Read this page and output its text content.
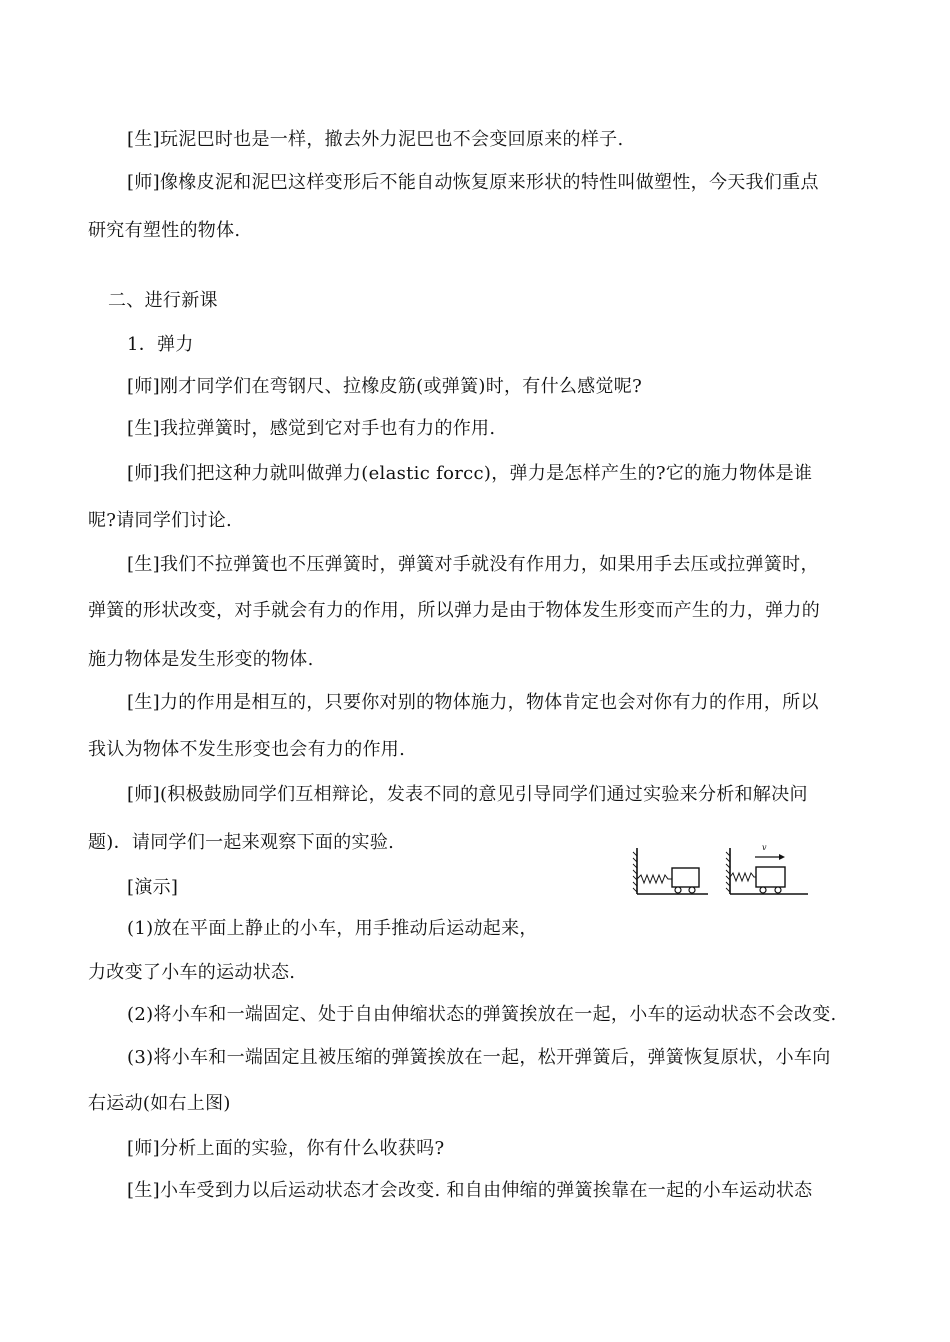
[生]玩泥巴时也是一样，撤去外力泥巴也不会变回原来的样子.
[师]像橡皮泥和泥巴这样变形后不能自动恢复原来形状的特性叫做塑性，今天我们重点
研究有塑性的物体.
二、进行新课
1．弹力
[师]刚才同学们在弯钢尺、拉橡皮筋(或弹簧)时，有什么感觉呢?
[生]我拉弹簧时，感觉到它对手也有力的作用.
[师]我们把这种力就叫做弹力(elastic forcc)，弹力是怎样产生的?它的施力物体是谁
呢?请同学们讨论.
[生]我们不拉弹簧也不压弹簧时，弹簧对手就没有作用力，如果用手去压或拉弹簧时，
弹簧的形状改变，对手就会有力的作用，所以弹力是由于物体发生形变而产生的力，弹力的
施力物体是发生形变的物体.
[生]力的作用是相互的，只要你对别的物体施力，物体肯定也会对你有力的作用，所以
我认为物体不发生形变也会有力的作用.
[师](积极鼓励同学们互相辩论，发表不同的意见引导同学们通过实验来分析和解决问
题)．请同学们一起来观察下面的实验.
[演示]
(1)放在平面上静止的小车，用手推动后运动起来，
力改变了小车的运动状态.
(2)将小车和一端固定、处于自由伸缩状态的弹簧挨放在一起，小车的运动状态不会改变.
(3)将小车和一端固定且被压缩的弹簧挨放在一起，松开弹簧后，弹簧恢复原状，小车向
右运动(如右上图)
[师]分析上面的实验，你有什么收获吗?
[生]小车受到力以后运动状态才会改变. 和自由伸缩的弹簧挨靠在一起的小车运动状态
v
